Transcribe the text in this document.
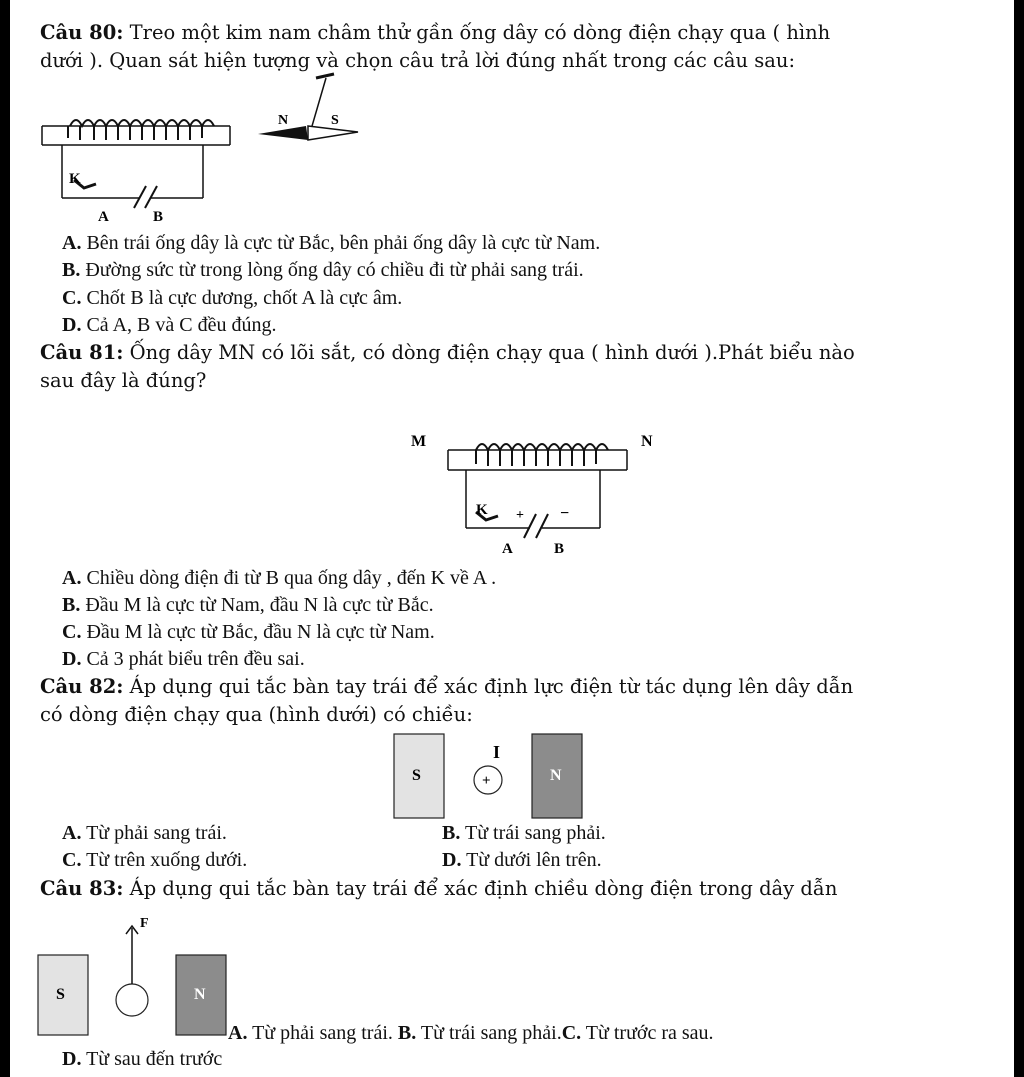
Câu 80: Treo một kim nam châm thử gần ống dây có dòng điện chạy qua ( hình
dưới ). Quan sát hiện tượng và chọn câu trả lời đúng nhất trong các câu sau:
K
A	B
N	S
M	N
K + −
A	B
S	N
I
+
F
S	N
A. Bên trái ống dây là cực từ Bắc, bên phải ống dây là cực từ Nam.
B. Đường sức từ trong lòng ống dây có chiều đi từ phải sang trái.
C. Chốt B là cực dương, chốt A là cực âm.
D. Cả A, B và C đều đúng.
Câu 81: Ống dây MN có lõi sắt, có dòng điện chạy qua ( hình dưới ).Phát biểu nào
sau đây là đúng?
A. Chiều dòng điện đi từ B qua ống dây , đến K về A .
B. Đầu M là cực từ Nam, đầu N là cực từ Bắc.
C. Đầu M là cực từ Bắc, đầu N là cực từ Nam.
D. Cả 3 phát biểu trên đều sai.
Câu 82: Áp dụng qui tắc bàn tay trái để xác định lực điện từ tác dụng lên dây dẫn
có dòng điện chạy qua (hình dưới) có chiều:
A. Từ phải sang trái.	B. Từ trái sang phải.
C. Từ trên xuống dưới.	D. Từ dưới lên trên.
Câu 83: Áp dụng qui tắc bàn tay trái để xác định chiều dòng điện trong dây dẫn
A. Từ phải sang trái. B. Từ trái sang phải.C. Từ trước ra sau.
D. Từ sau đến trước
